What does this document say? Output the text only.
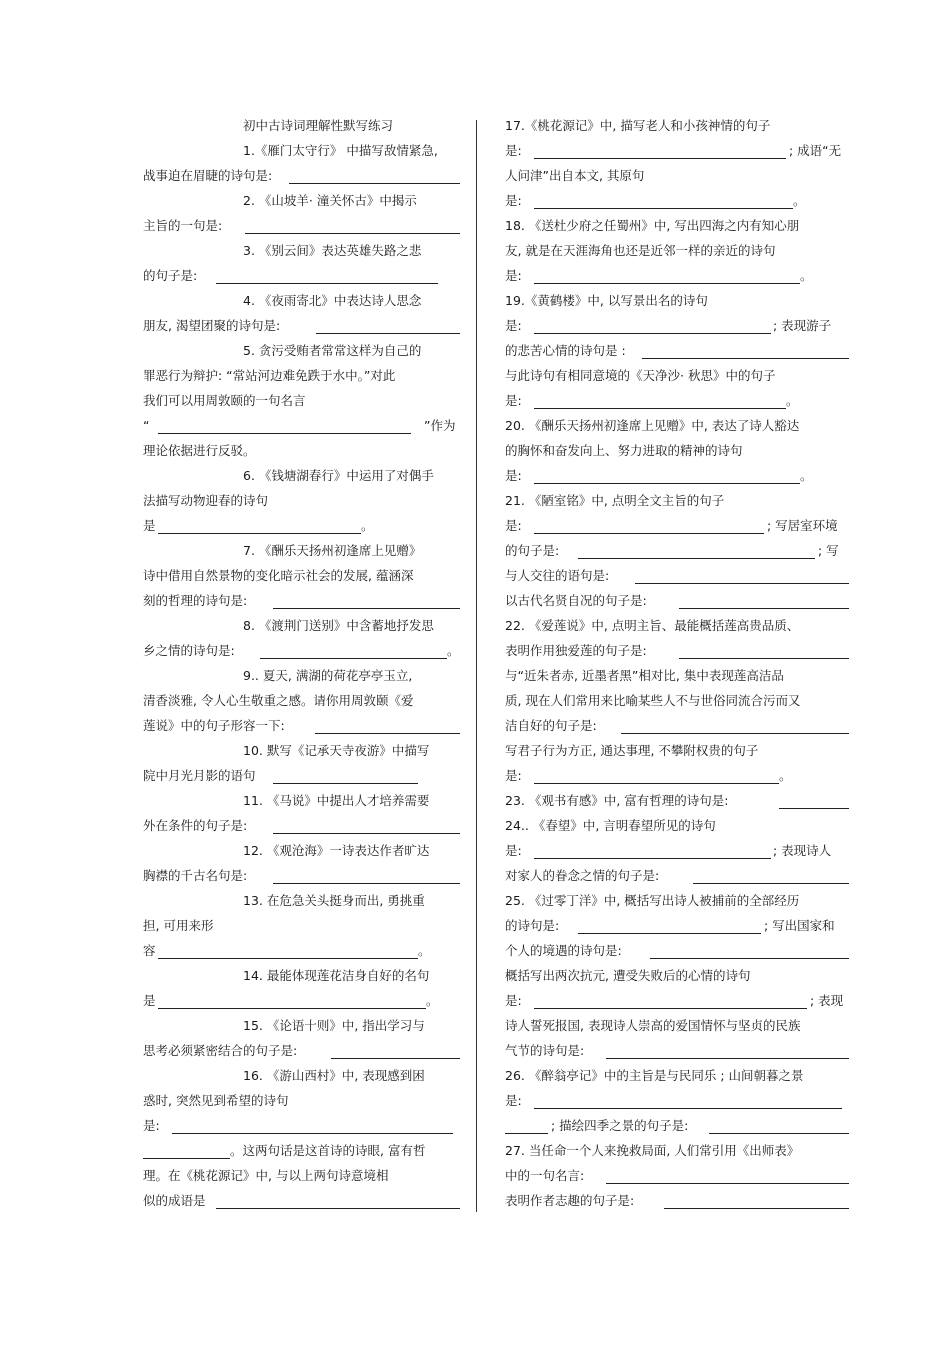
初中古诗词理解性默写练习
1.《雁门太守行》 中描写敌情紧急,
战事迫在眉睫的诗句是:
2. 《山坡羊· 潼关怀古》中揭示
主旨的一句是:
3. 《别云间》表达英雄失路之悲
的句子是:
4. 《夜雨寄北》中表达诗人思念
朋友, 渴望团聚的诗句是:
5. 贪污受贿者常常这样为自己的
罪恶行为辩护: “常站河边难免跌于水中。”对此
我们可以用周敦颐的一句名言
“	”作为
理论依据进行反驳。
6. 《钱塘湖春行》中运用了对偶手
法描写动物迎春的诗句
是	。
7. 《酬乐天扬州初逢席上见赠》
诗中借用自然景物的变化暗示社会的发展, 蕴涵深
刻的哲理的诗句是:
8. 《渡荆门送别》中含蓄地抒发思
乡之情的诗句是:	。
9.. 夏天, 满湖的荷花亭亭玉立,
清香淡雅, 令人心生敬重之感。请你用周敦颐《爱
莲说》中的句子形容一下:
10. 默写《记承天寺夜游》中描写
院中月光月影的语句
11. 《马说》中提出人才培养需要
外在条件的句子是:
12. 《观沧海》一诗表达作者旷达
胸襟的千古名句是:
13. 在危急关头挺身而出, 勇挑重
担, 可用来形
容	。
14. 最能体现莲花洁身自好的名句
是	。
15. 《论语十则》中, 指出学习与
思考必须紧密结合的句子是:
16. 《游山西村》中, 表现感到困
惑时, 突然见到希望的诗句
是:
。这两句话是这首诗的诗眼, 富有哲
理。在《桃花源记》中, 与以上两句诗意境相
似的成语是
17.《桃花源记》中, 描写老人和小孩神情的句子
是:	; 成语“无
人问津”出自本文, 其原句
是:	。
18. 《送杜少府之任蜀州》中, 写出四海之内有知心朋
友, 就是在天涯海角也还是近邻一样的亲近的诗句
是:	。
19.《黄鹤楼》中, 以写景出名的诗句
是:	; 表现游子
的悲苦心情的诗句是 :
与此诗句有相同意境的《天净沙· 秋思》中的句子
是:	。
20. 《酬乐天扬州初逢席上见赠》中, 表达了诗人豁达
的胸怀和奋发向上、努力进取的精神的诗句
是:	。
21. 《陋室铭》中, 点明全文主旨的句子
是:	; 写居室环境
的句子是:	; 写
与人交往的语句是:
以古代名贤自况的句子是:
22. 《爱莲说》中, 点明主旨、最能概括莲高贵品质、
表明作用独爱莲的句子是:
与“近朱者赤, 近墨者黑”相对比, 集中表现莲高洁品
质, 现在人们常用来比喻某些人不与世俗同流合污而又
洁自好的句子是:
写君子行为方正, 通达事理, 不攀附权贵的句子
是:	。
23. 《观书有感》中, 富有哲理的诗句是:
24.. 《春望》中, 言明春望所见的诗句
是:	; 表现诗人
对家人的眷念之情的句子是:
25. 《过零丁洋》中, 概括写出诗人被捕前的全部经历
的诗句是:	; 写出国家和
个人的境遇的诗句是:
概括写出两次抗元, 遭受失败后的心情的诗句
是:	; 表现
诗人誓死报国, 表现诗人崇高的爱国情怀与坚贞的民族
气节的诗句是:
26. 《醉翁亭记》中的主旨是与民同乐 ; 山间朝暮之景
是:
; 描绘四季之景的句子是:
27. 当任命一个人来挽救局面, 人们常引用《出师表》
中的一句名言:
表明作者志趣的句子是:
